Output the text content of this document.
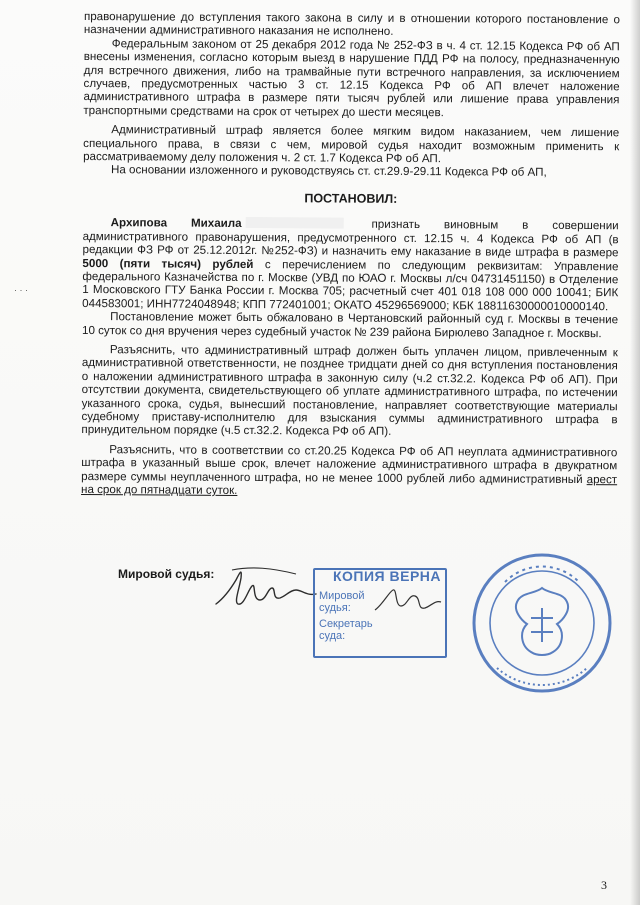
· · ·

правонарушение до вступления такого закона в силу и в отношении которого постановление о назначении административного наказания не исполнено.

Федеральным законом от 25 декабря 2012 года № 252-ФЗ в ч. 4 ст. 12.15 Кодекса РФ об АП внесены изменения, согласно которым выезд в нарушение ПДД РФ на полосу, предназначенную для встречного движения, либо на трамвайные пути встречного направления, за исключением случаев, предусмотренных частью 3 ст. 12.15 Кодекса РФ об АП влечет наложение административного штрафа в размере пяти тысяч рублей или лишение права управления транспортными средствами на срок от четырех до шести месяцев.

Административный штраф является более мягким видом наказанием, чем лишение специального права, в связи с чем, мировой судья находит возможным применить к рассматриваемому делу положения ч. 2 ст. 1.7 Кодекса РФ об АП.

На основании изложенного и руководствуясь ст. ст.29.9-29.11 Кодекса РФ об АП,

ПОСТАНОВИЛ:

Архипова Михаила	признать виновным в совершении административного правонарушения, предусмотренного ст. 12.15 ч. 4 Кодекса РФ об АП (в редакции ФЗ РФ от 25.12.2012г. №252-ФЗ) и назначить ему наказание в виде штрафа в размере 5000 (пяти тысяч) рублей с перечислением по следующим реквизитам: Управление федерального Казначейства по г. Москве (УВД по ЮАО г. Москвы л/сч 04731451150) в Отделение 1 Московского ГТУ Банка России г. Москва 705; расчетный счет 401 018 108 000 000 10041; БИК 044583001; ИНН7724048948; КПП 772401001; ОКАТО 45296569000; КБК 18811630000010000140.

Постановление может быть обжаловано в Чертановский районный суд г. Москвы в течение 10 суток со дня вручения через судебный участок № 239 района Бирюлево Западное г. Москвы.

Разъяснить, что административный штраф должен быть уплачен лицом, привлеченным к административной ответственности, не позднее тридцати дней со дня вступления постановления о наложении административного штрафа в законную силу (ч.2 ст.32.2. Кодекса РФ об АП). При отсутствии документа, свидетельствующего об уплате административного штрафа, по истечении указанного срока, судья, вынесший постановление, направляет соответствующие материалы судебному приставу-исполнителю для взыскания суммы административного штрафа в принудительном порядке (ч.5 ст.32.2. Кодекса РФ об АП).

Разъяснить, что в соответствии со ст.20.25 Кодекса РФ об АП неуплата административного штрафа в указанный выше срок, влечет наложение административного штрафа в двукратном размере суммы неуплаченного штрафа, но не менее 1000 рублей либо административный арест на срок до пятнадцати суток.

Мировой судья:	КОПИЯ ВЕРНА
Мировой
судья:
Секретарь
суда:
3
